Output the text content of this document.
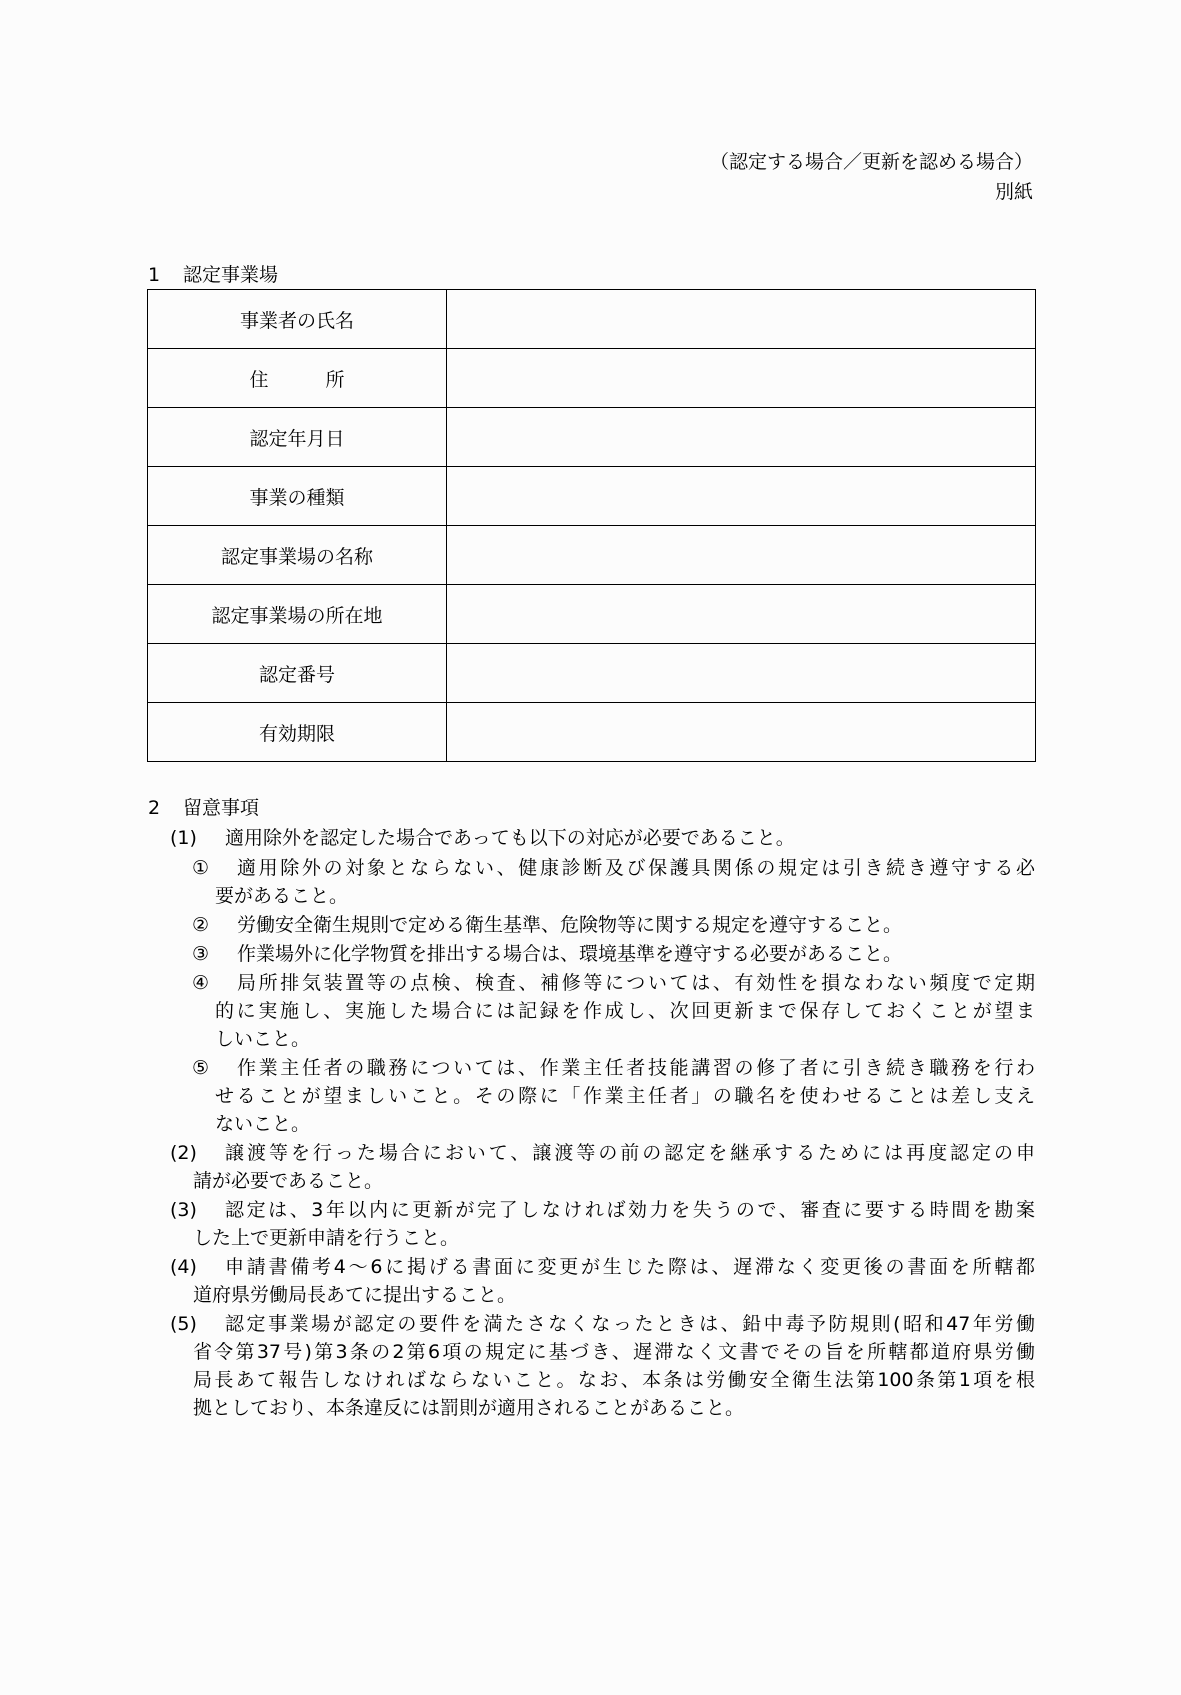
（認定する場合／更新を認める場合）
別紙
1 認定事業場
事業者の氏名	
住　　　所	
認定年月日	
事業の種類	
認定事業場の名称	
認定事業場の所在地	
認定番号	
有効期限	
2 留意事項
(1) 適用除外を認定した場合であっても以下の対応が必要であること。
① 適用除外の対象とならない、健康診断及び保護具関係の規定は引き続き遵守する必
要があること。
② 労働安全衛生規則で定める衛生基準、危険物等に関する規定を遵守すること。
③ 作業場外に化学物質を排出する場合は、環境基準を遵守する必要があること。
④ 局所排気装置等の点検、検査、補修等については、有効性を損なわない頻度で定期
的に実施し、実施した場合には記録を作成し、次回更新まで保存しておくことが望ま
しいこと。
⑤ 作業主任者の職務については、作業主任者技能講習の修了者に引き続き職務を行わ
せることが望ましいこと。その際に「作業主任者」の職名を使わせることは差し支え
ないこと。
(2) 譲渡等を行った場合において、譲渡等の前の認定を継承するためには再度認定の申
請が必要であること。
(3) 認定は、3年以内に更新が完了しなければ効力を失うので、審査に要する時間を勘案
した上で更新申請を行うこと。
(4) 申請書備考4～6に掲げる書面に変更が生じた際は、遅滞なく変更後の書面を所轄都
道府県労働局長あてに提出すること。
(5) 認定事業場が認定の要件を満たさなくなったときは、鉛中毒予防規則(昭和47年労働
省令第37号)第3条の2第6項の規定に基づき、遅滞なく文書でその旨を所轄都道府県労働
局長あて報告しなければならないこと。なお、本条は労働安全衛生法第100条第1項を根
拠としており、本条違反には罰則が適用されることがあること。
